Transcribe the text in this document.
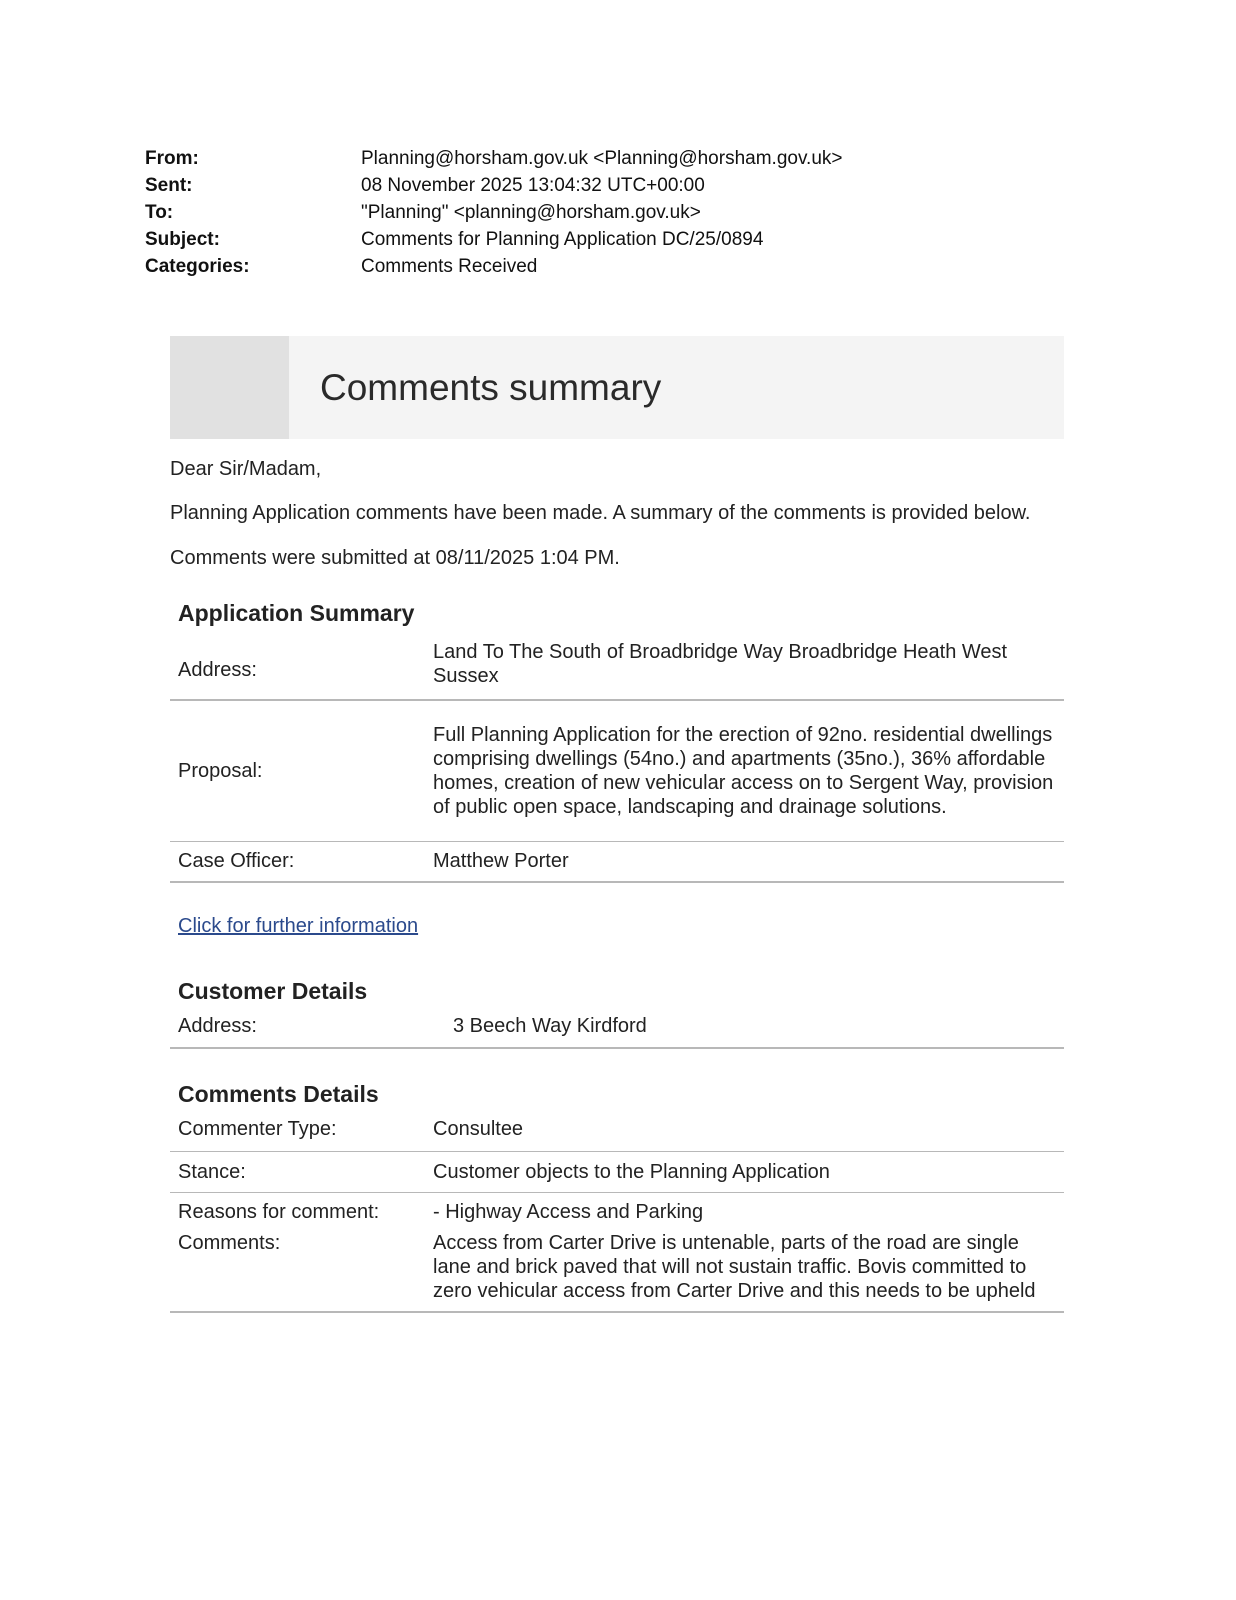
From:	Planning@horsham.gov.uk <Planning@horsham.gov.uk>
Sent:	08 November 2025 13:04:32 UTC+00:00
To:	"Planning" <planning@horsham.gov.uk>
Subject:	Comments for Planning Application DC/25/0894
Categories:	Comments Received
Comments summary

Dear Sir/Madam,

Planning Application comments have been made. A summary of the comments is provided below.

Comments were submitted at 08/11/2025 1:04 PM.

Application Summary
Address:	Land To The South of Broadbridge Way Broadbridge Heath West Sussex
Proposal:	Full Planning Application for the erection of 92no. residential dwellings comprising dwellings (54no.) and apartments (35no.), 36% affordable homes, creation of new vehicular access on to Sergent Way, provision of public open space, landscaping and drainage solutions.
Case Officer:	Matthew Porter

Click for further information

Customer Details
Address:	3 Beech Way Kirdford
Comments Details
Commenter Type:	Consultee
Stance:	Customer objects to the Planning Application
Reasons for comment:	- Highway Access and Parking
Comments:	Access from Carter Drive is untenable, parts of the road are single lane and brick paved that will not sustain traffic. Bovis committed to zero vehicular access from Carter Drive and this needs to be upheld
